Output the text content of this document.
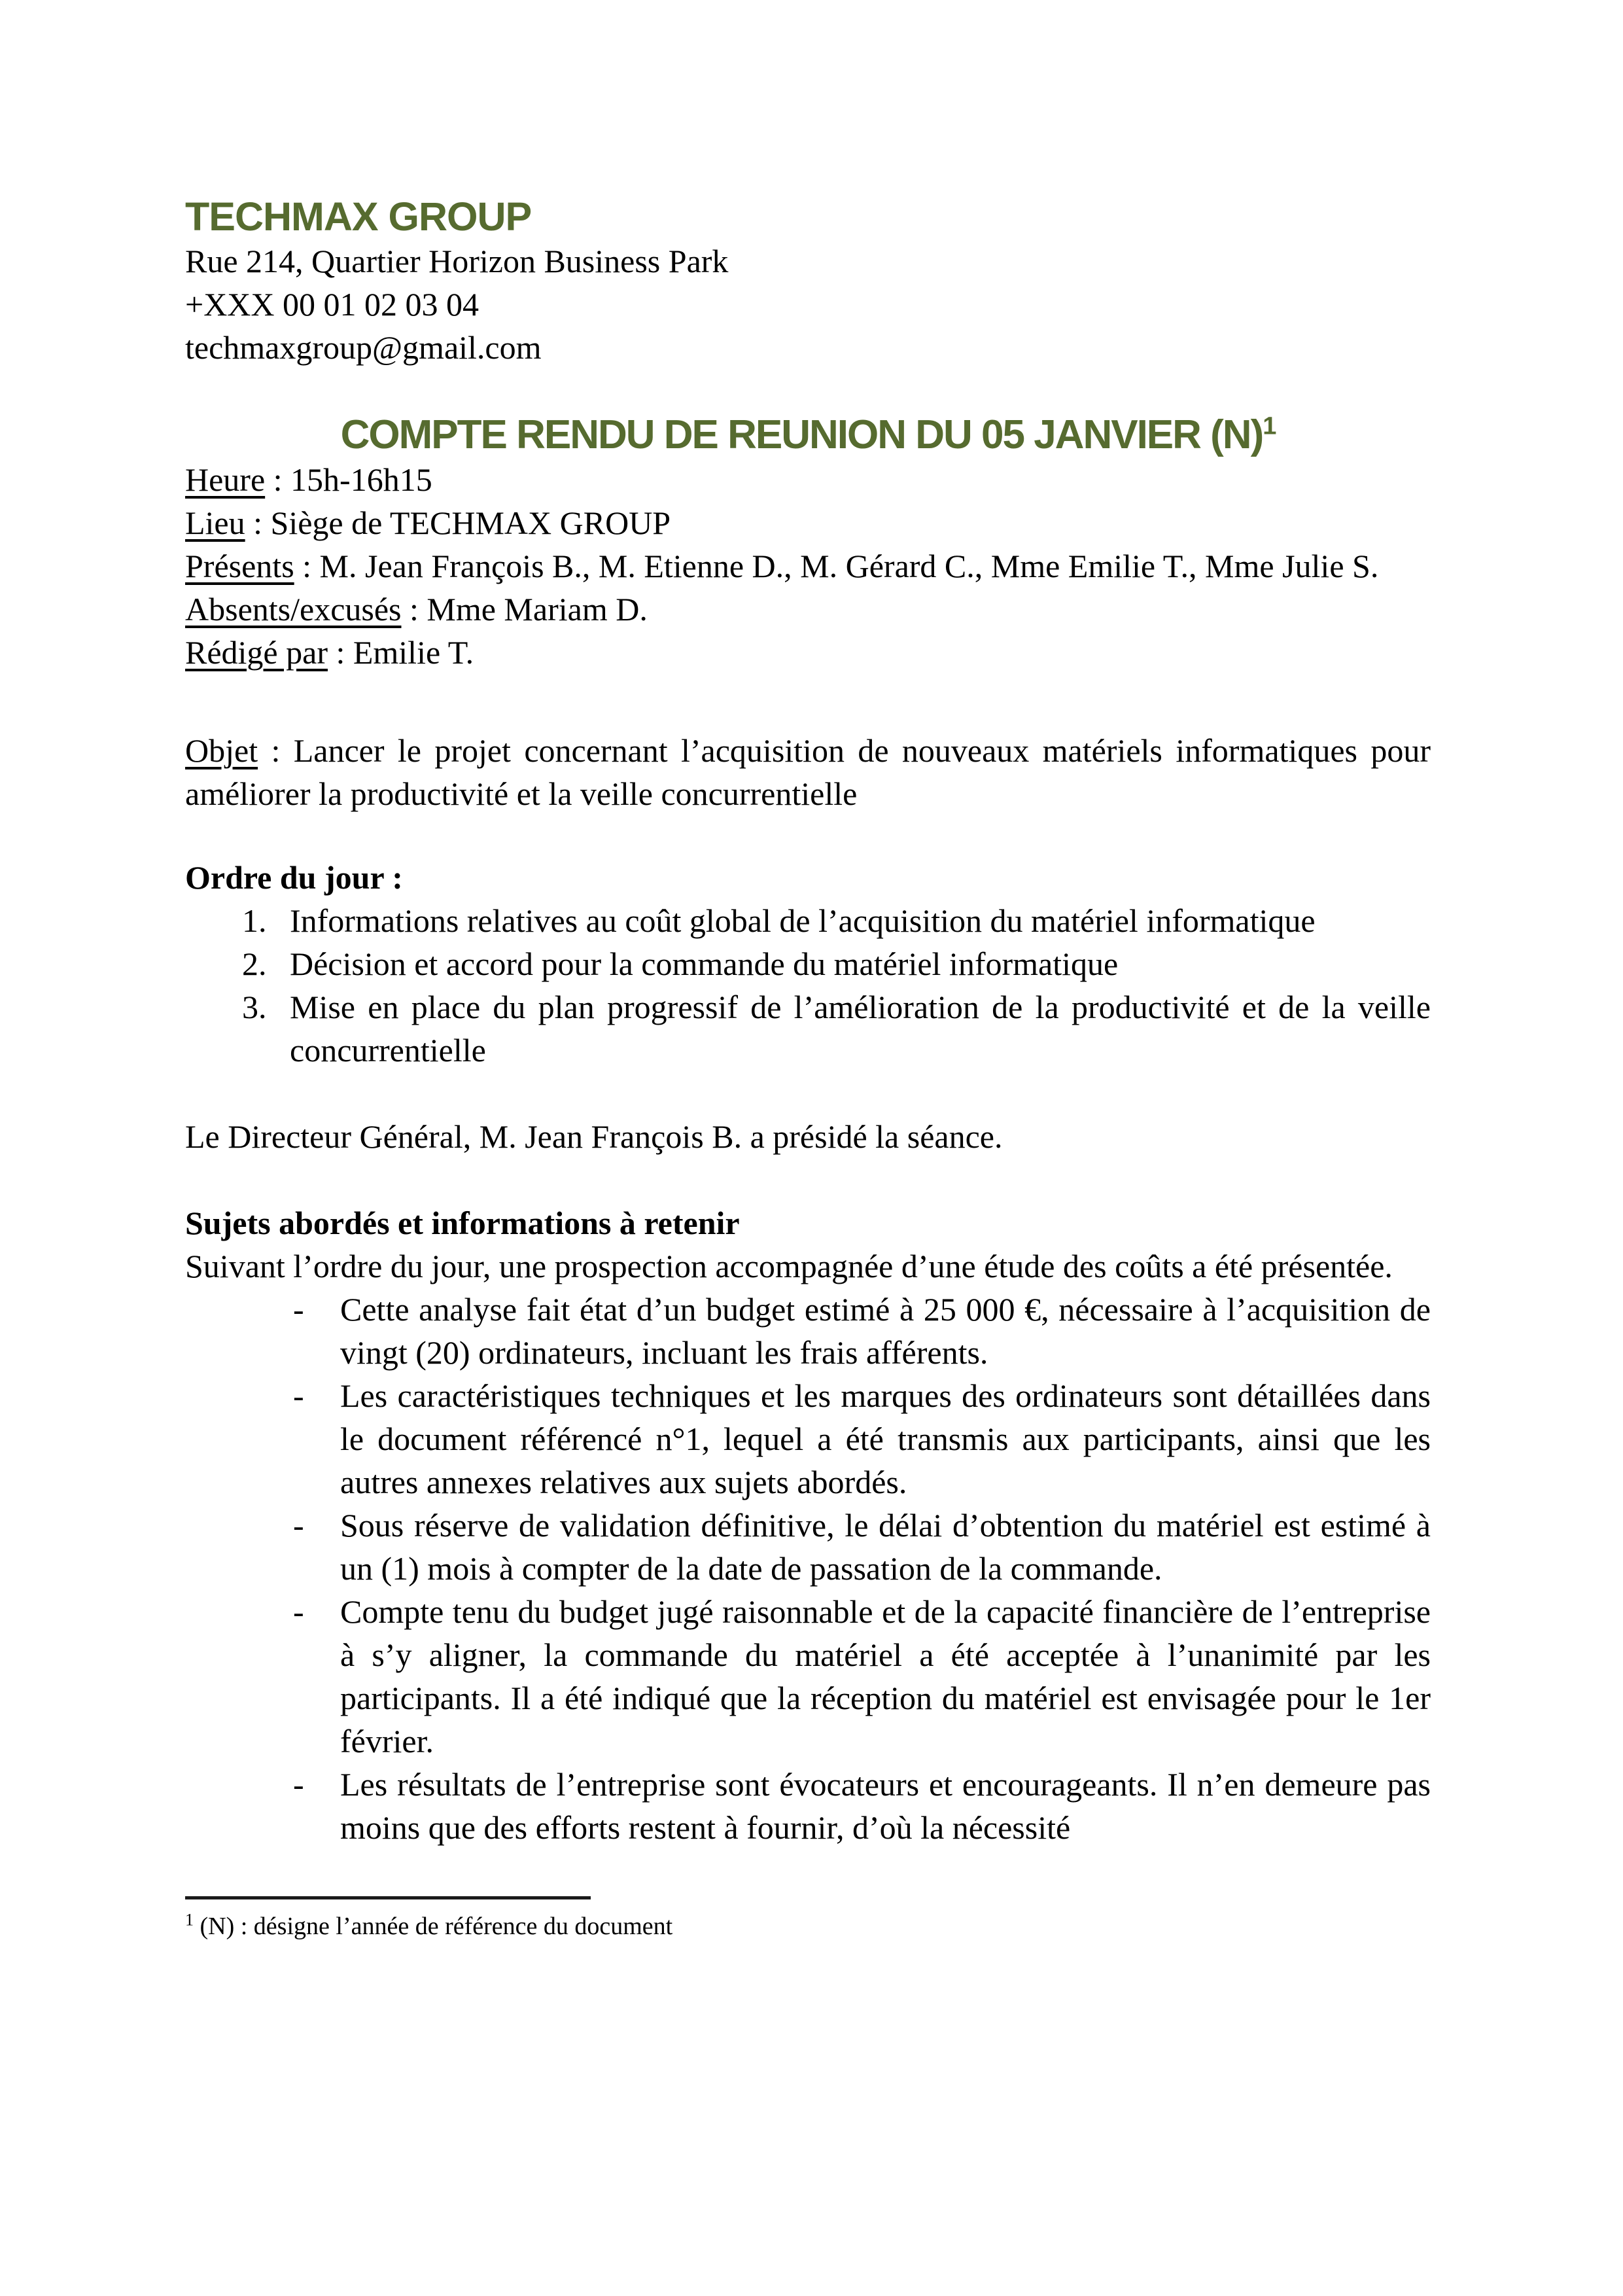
TECHMAX GROUP
Rue 214, Quartier Horizon Business Park
+XXX 00 01 02 03 04
techmaxgroup@gmail.com
COMPTE RENDU DE REUNION DU 05 JANVIER $(N)^1$
Heure : 15h-16h15
Lieu : Siège de TECHMAX GROUP
Présents : M. Jean François B., M. Etienne D., M. Gérard C., Mme Emilie T., Mme Julie S.
Absents/excusés : Mme Mariam D.
Rédigé par : Emilie T.
Objet : Lancer le projet concernant l’acquisition de nouveaux matériels informatiques pour améliorer la productivité et la veille concurrentielle
Ordre du jour :
1. Informations relatives au coût global de l’acquisition du matériel informatique
2. Décision et accord pour la commande du matériel informatique
3. Mise en place du plan progressif de l’amélioration de la productivité et de la veille concurrentielle
Le Directeur Général, M. Jean François B. a présidé la séance.
Sujets abordés et informations à retenir
Suivant l’ordre du jour, une prospection accompagnée d’une étude des coûts a été présentée.
-	Cette analyse fait état d’un budget estimé à 25 000 €, nécessaire à l’acquisition de vingt (20) ordinateurs, incluant les frais afférents.
-	Les caractéristiques techniques et les marques des ordinateurs sont détaillées dans le document référencé n°1, lequel a été transmis aux participants, ainsi que les autres annexes relatives aux sujets abordés.
-	Sous réserve de validation définitive, le délai d’obtention du matériel est estimé à un (1) mois à compter de la date de passation de la commande.
-	Compte tenu du budget jugé raisonnable et de la capacité financière de l’entreprise à s’y aligner, la commande du matériel a été acceptée à l’unanimité par les participants. Il a été indiqué que la réception du matériel est envisagée pour le 1er février.
-	Les résultats de l’entreprise sont évocateurs et encourageants. Il n’en demeure pas moins que des efforts restent à fournir, d’où la nécessité
$^1$ (N) : désigne l’année de référence du document
